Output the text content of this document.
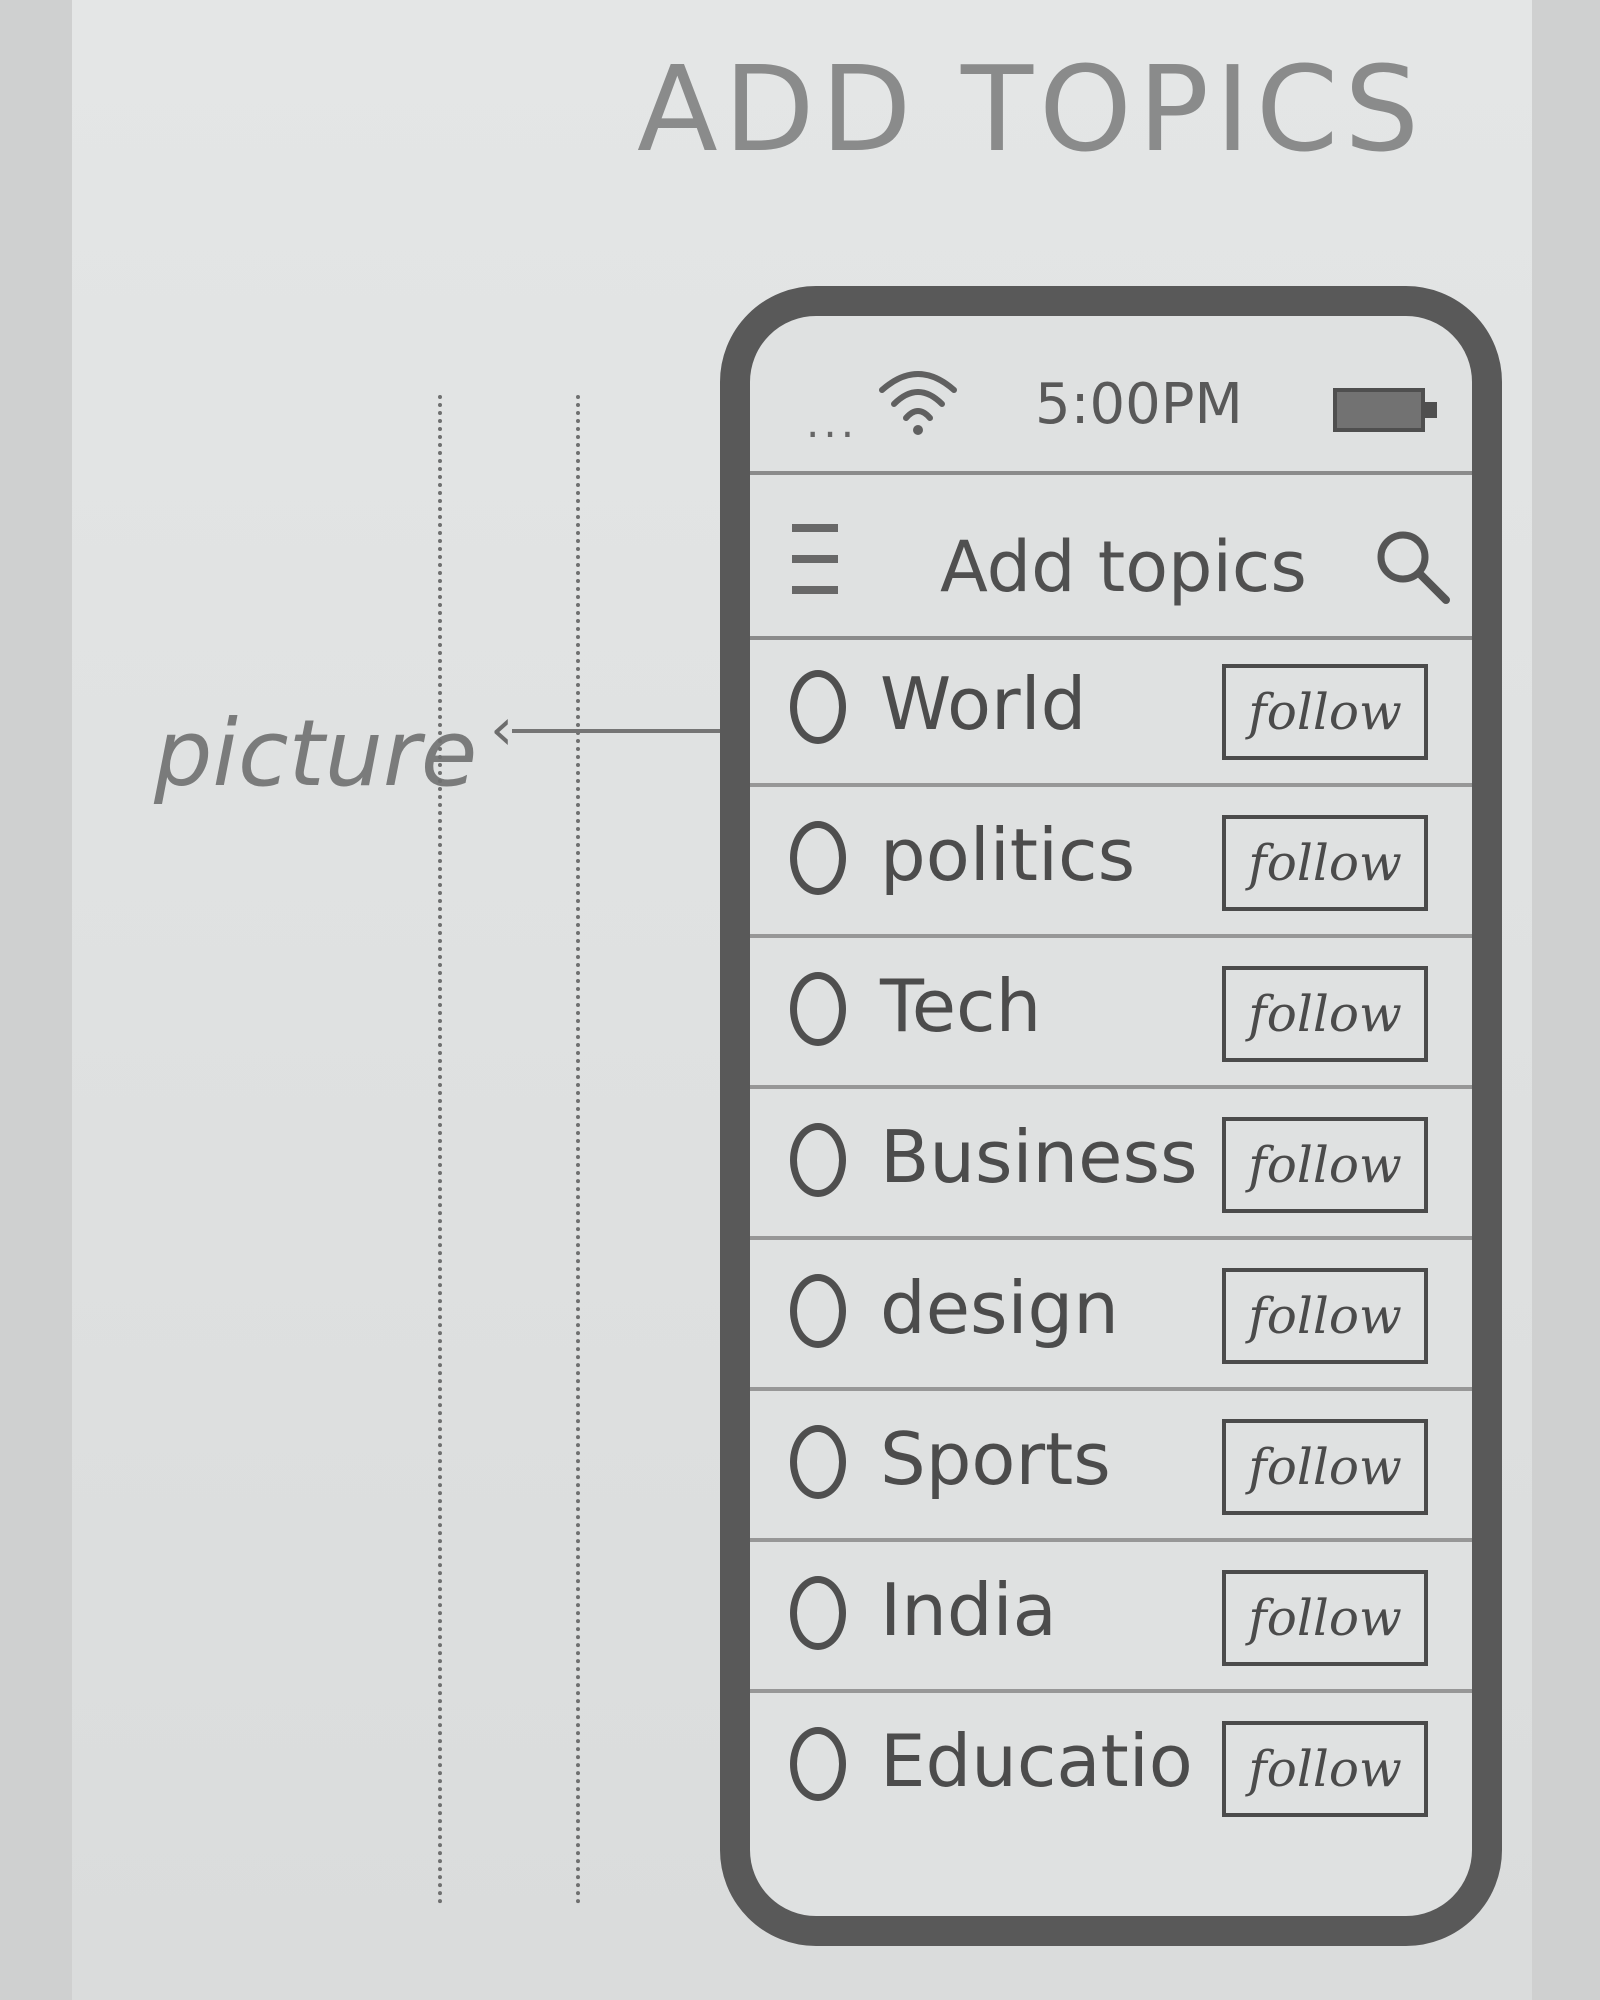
ADD TOPICS
picture ‹
...	5:00PM
Add topics
World	follow
politics	follow
Tech	follow
Business	follow
design	follow
Sports	follow
India	follow
Educatio	follow
